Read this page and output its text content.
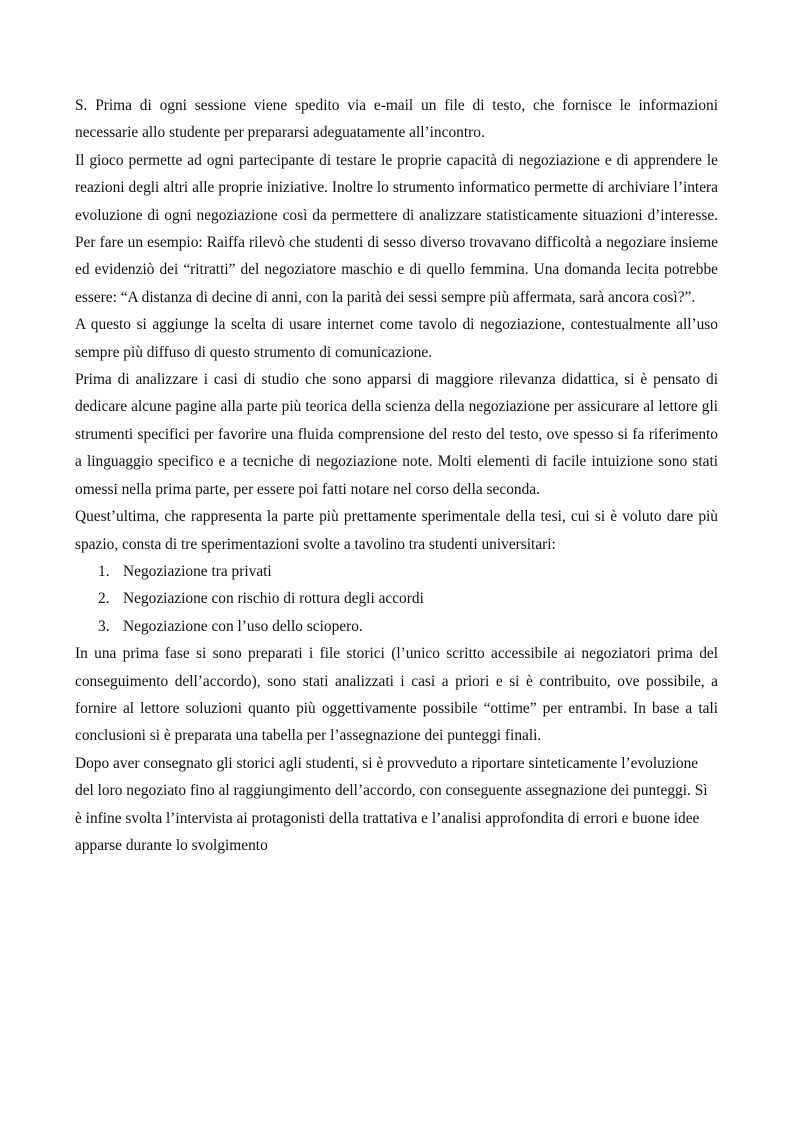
S. Prima di ogni sessione viene spedito via e-mail un file di testo, che fornisce le informazioni necessarie allo studente per prepararsi adeguatamente all’incontro.

Il gioco permette ad ogni partecipante di testare le proprie capacità di negoziazione e di apprendere le reazioni degli altri alle proprie iniziative. Inoltre lo strumento informatico permette di archiviare l’intera evoluzione di ogni negoziazione così da permettere di analizzare statisticamente situazioni d’interesse. Per fare un esempio: Raiffa rilevò che studenti di sesso diverso trovavano difficoltà a negoziare insieme ed evidenziò dei “ritratti” del negoziatore maschio e di quello femmina. Una domanda lecita potrebbe essere: “A distanza di decine di anni, con la parità dei sessi sempre più affermata, sarà ancora così?”.

A questo si aggiunge la scelta di usare internet come tavolo di negoziazione, contestualmente all’uso sempre più diffuso di questo strumento di comunicazione.

Prima di analizzare i casi di studio che sono apparsi di maggiore rilevanza didattica, si è pensato di dedicare alcune pagine alla parte più teorica della scienza della negoziazione per assicurare al lettore gli strumenti specifici per favorire una fluida comprensione del resto del testo, ove spesso si fa riferimento a linguaggio specifico e a tecniche di negoziazione note. Molti elementi di facile intuizione sono stati omessi nella prima parte, per essere poi fatti notare nel corso della seconda.

Quest’ultima, che rappresenta la parte più prettamente sperimentale della tesi, cui si è voluto dare più spazio, consta di tre sperimentazioni svolte a tavolino tra studenti universitari:

1. Negoziazione tra privati
2. Negoziazione con rischio di rottura degli accordi
3. Negoziazione con l’uso dello sciopero.

In una prima fase si sono preparati i file storici (l’unico scritto accessibile ai negoziatori prima del conseguimento dell’accordo), sono stati analizzati i casi a priori e si è contribuito, ove possibile, a fornire al lettore soluzioni quanto più oggettivamente possibile “ottime” per entrambi. In base a tali conclusioni si è preparata una tabella per l’assegnazione dei punteggi finali.

Dopo aver consegnato gli storici agli studenti, si è provveduto a riportare sinteticamente l’evoluzione del loro negoziato fino al raggiungimento dell’accordo, con conseguente assegnazione dei punteggi. Sì è infine svolta l’intervista ai protagonisti della trattativa e l’analisi approfondita di errori e buone idee apparse durante lo svolgimento
